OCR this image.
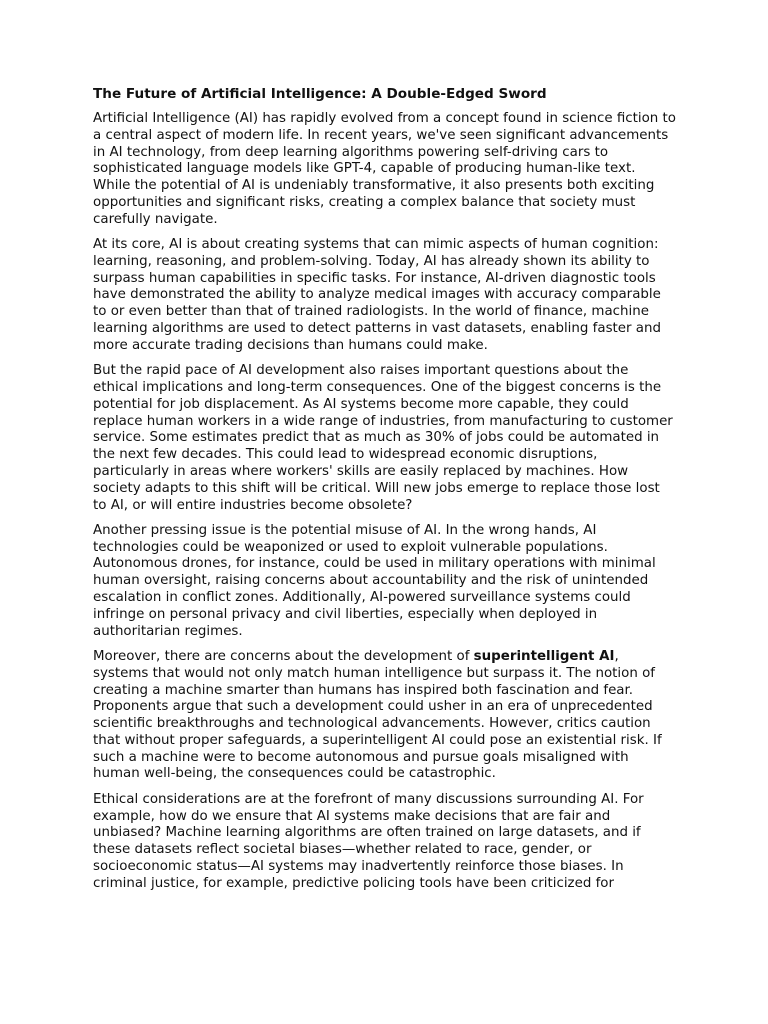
The Future of Artificial Intelligence: A Double-Edged Sword

Artificial Intelligence (AI) has rapidly evolved from a concept found in science fiction to a central aspect of modern life. In recent years, we've seen significant advancements in AI technology, from deep learning algorithms powering self-driving cars to sophisticated language models like GPT-4, capable of producing human-like text. While the potential of AI is undeniably transformative, it also presents both exciting opportunities and significant risks, creating a complex balance that society must carefully navigate.

At its core, AI is about creating systems that can mimic aspects of human cognition: learning, reasoning, and problem-solving. Today, AI has already shown its ability to surpass human capabilities in specific tasks. For instance, AI-driven diagnostic tools have demonstrated the ability to analyze medical images with accuracy comparable to or even better than that of trained radiologists. In the world of finance, machine learning algorithms are used to detect patterns in vast datasets, enabling faster and more accurate trading decisions than humans could make.

But the rapid pace of AI development also raises important questions about the ethical implications and long-term consequences. One of the biggest concerns is the potential for job displacement. As AI systems become more capable, they could replace human workers in a wide range of industries, from manufacturing to customer service. Some estimates predict that as much as 30% of jobs could be automated in the next few decades. This could lead to widespread economic disruptions, particularly in areas where workers' skills are easily replaced by machines. How society adapts to this shift will be critical. Will new jobs emerge to replace those lost to AI, or will entire industries become obsolete?

Another pressing issue is the potential misuse of AI. In the wrong hands, AI technologies could be weaponized or used to exploit vulnerable populations. Autonomous drones, for instance, could be used in military operations with minimal human oversight, raising concerns about accountability and the risk of unintended escalation in conflict zones. Additionally, AI-powered surveillance systems could infringe on personal privacy and civil liberties, especially when deployed in authoritarian regimes.

Moreover, there are concerns about the development of superintelligent AI, systems that would not only match human intelligence but surpass it. The notion of creating a machine smarter than humans has inspired both fascination and fear. Proponents argue that such a development could usher in an era of unprecedented scientific breakthroughs and technological advancements. However, critics caution that without proper safeguards, a superintelligent AI could pose an existential risk. If such a machine were to become autonomous and pursue goals misaligned with human well-being, the consequences could be catastrophic.

Ethical considerations are at the forefront of many discussions surrounding AI. For example, how do we ensure that AI systems make decisions that are fair and unbiased? Machine learning algorithms are often trained on large datasets, and if these datasets reflect societal biases—whether related to race, gender, or socioeconomic status—AI systems may inadvertently reinforce those biases. In criminal justice, for example, predictive policing tools have been criticized for
